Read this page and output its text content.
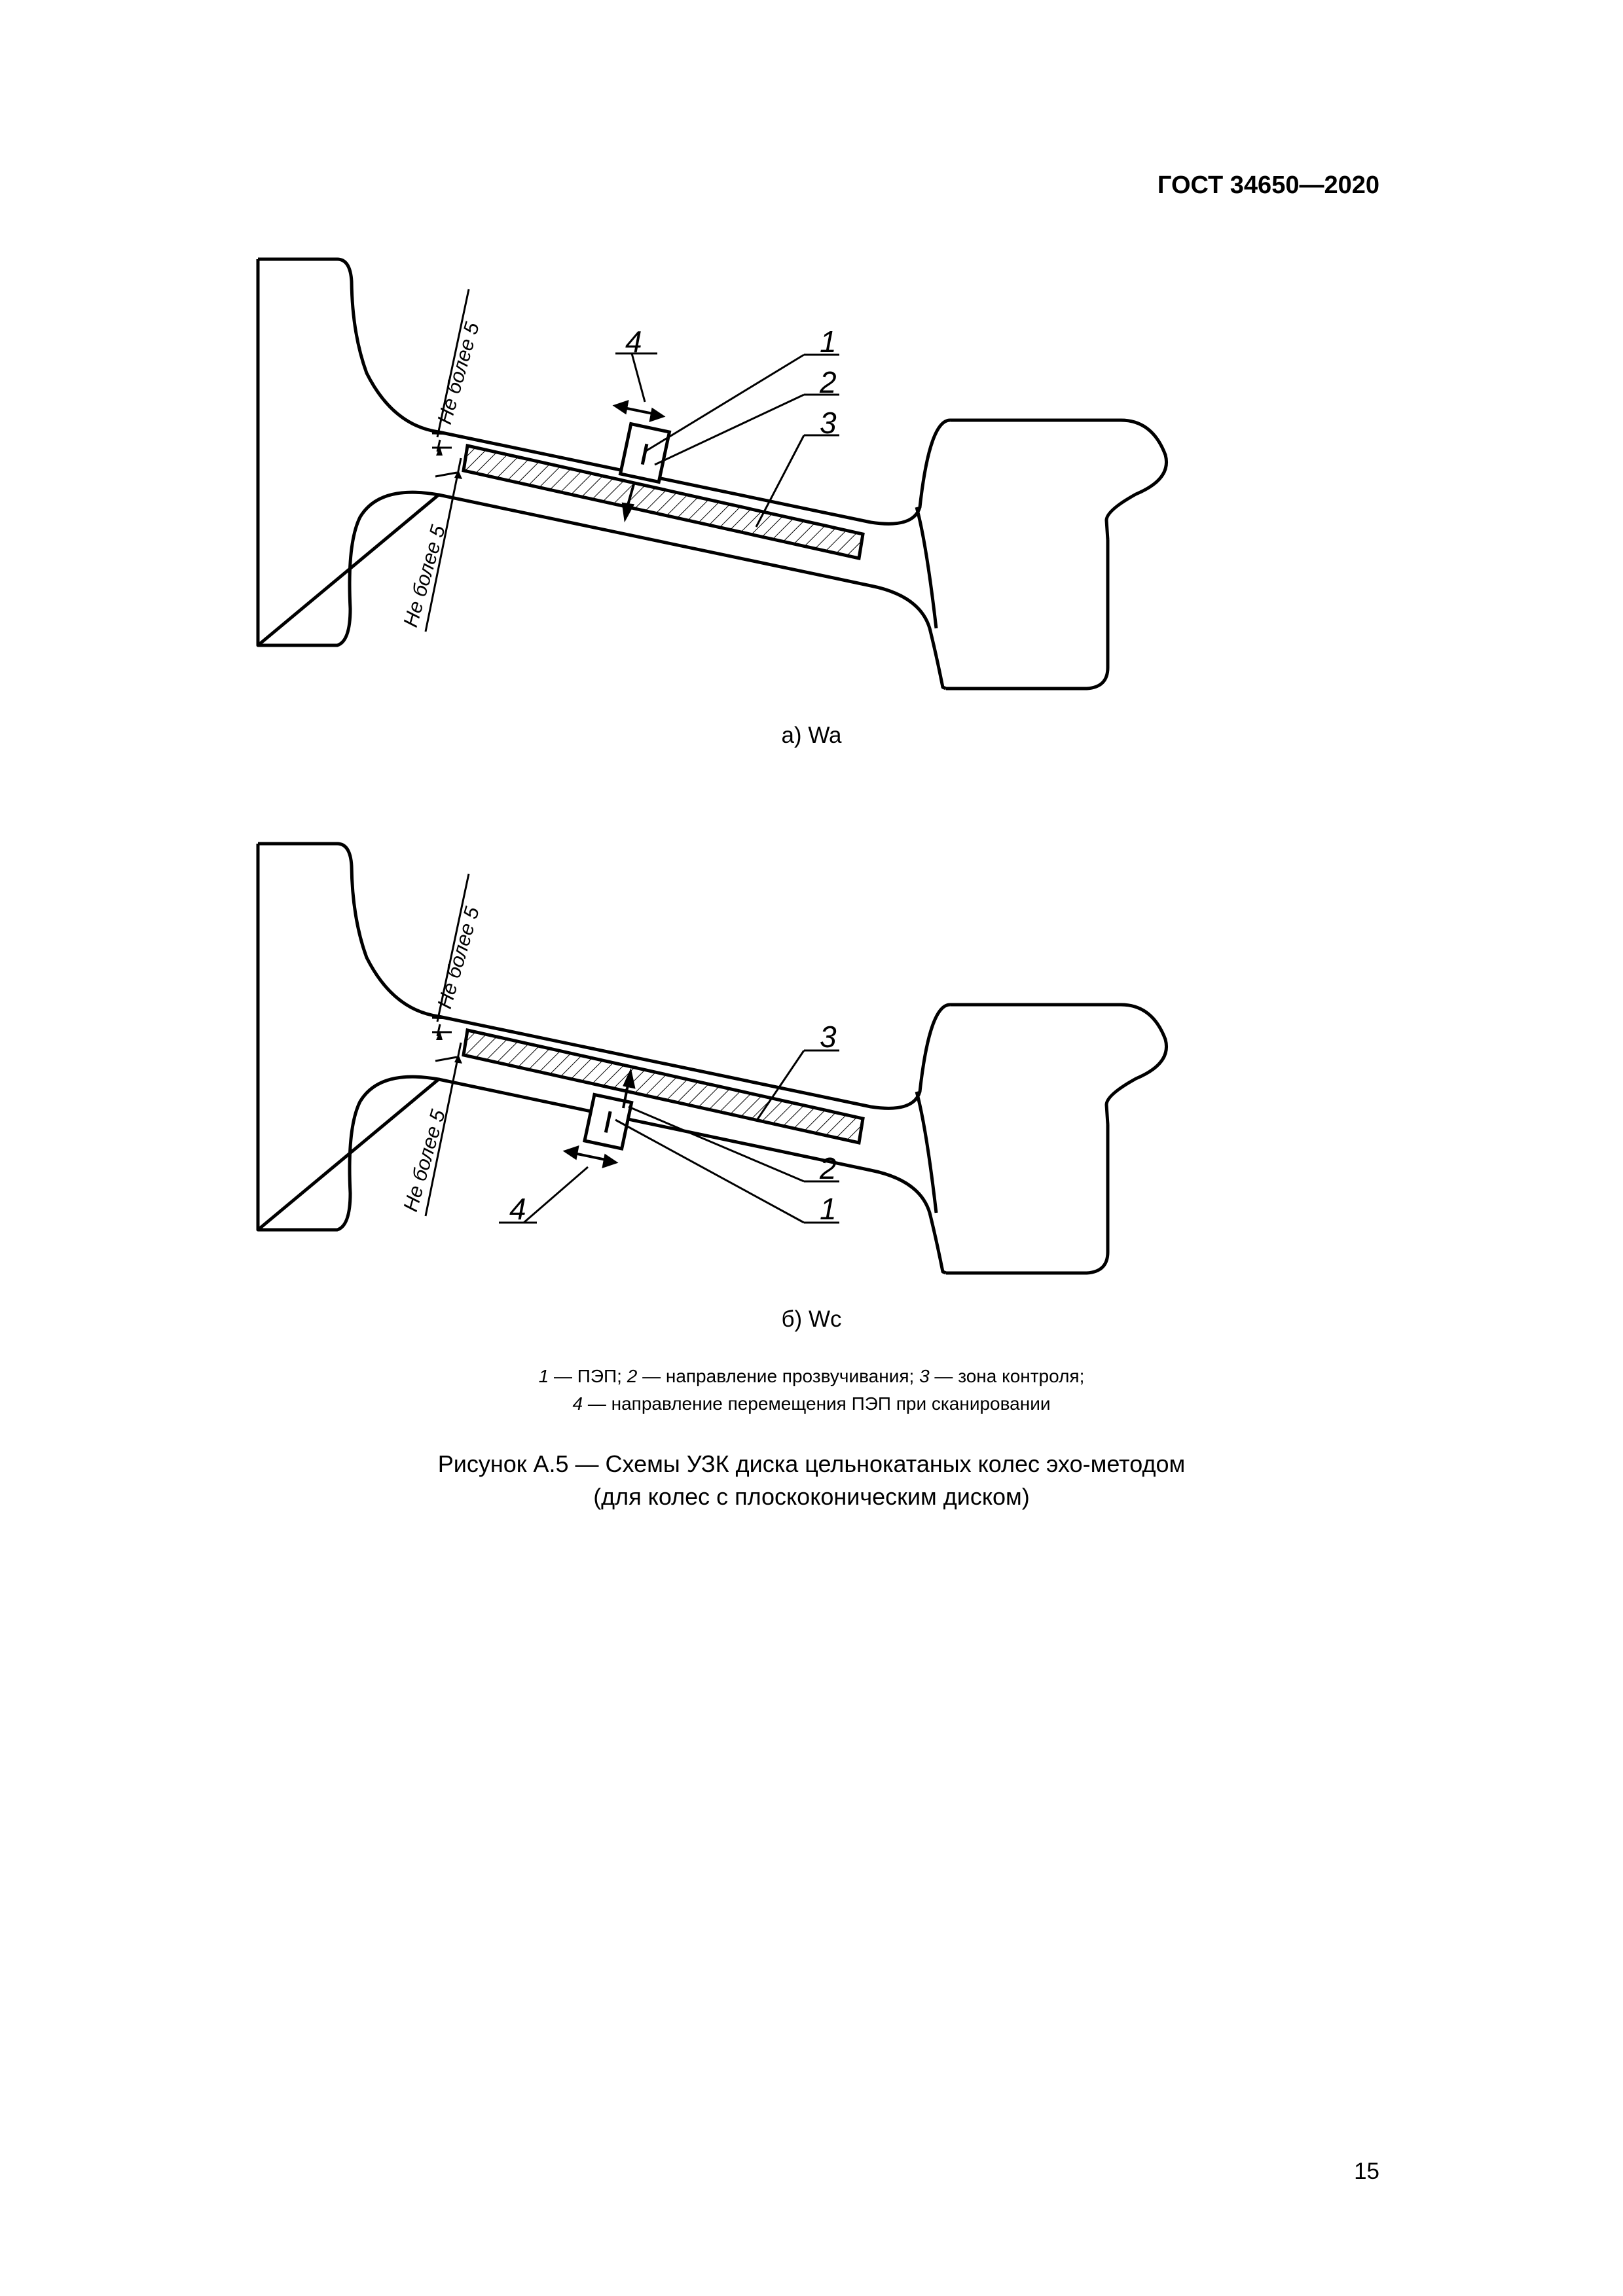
ГОСТ 34650—2020
4	1
2
3
Не более 5
Не более 5
а) Wa
3
2
1
4
Не более 5
Не более 5
б) Wc
1 — ПЭП; 2 — направление прозвучивания; 3 — зона контроля;
4 — направление перемещения ПЭП при сканировании
Рисунок А.5 — Схемы УЗК диска цельнокатаных колес эхо-методом
(для колес с плоскоконическим диском)
15
